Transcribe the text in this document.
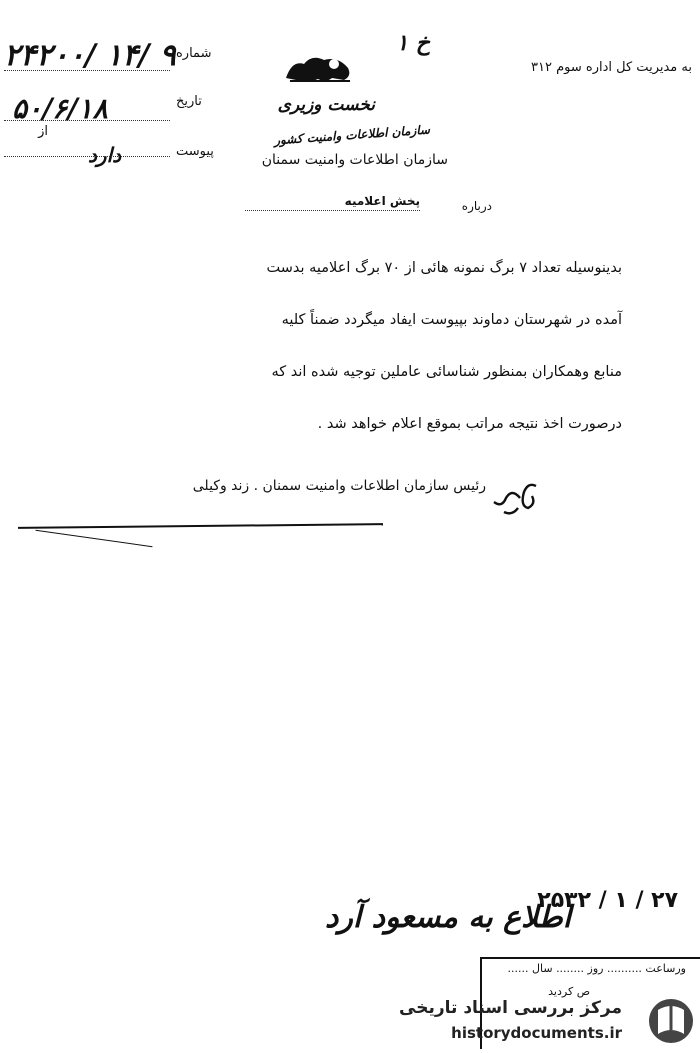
به مدیریت کل اداره سوم ۳۱۲
خ ۱
نخست وزیری
سازمان اطلاعات وامنیت کشور
از
سازمان اطلاعات وامنیت سمنان
درباره
پخش اعلامیه
شماره
۲۴۲۰۰/ ۱۴/ ۹
تاریخ
۵۰/۶/۱۸
پیوست
دارد

بدینوسیله تعداد ۷ برگ نمونه هائی از ۷۰ برگ اعلامیه بدست

آمده در شهرستان دماوند بپیوست ایفاد میگردد ضمناً کلیه

منابع وهمکاران بمنظور شناسائی عاملین توجیه شده اند که

درصورت اخذ نتیجه مراتب بموقع اعلام خواهد شد .

رئیس سازمان اطلاعات وامنیت سمنان . زند وکیلی
۲۵۳۲ / ۱ / ۲۷
اطلاع به مسعود آرد
ورساعت .......... روز ........ سال ......
ص کردید
مرکز بررسی اسناد تاریخی
historydocuments.ir
